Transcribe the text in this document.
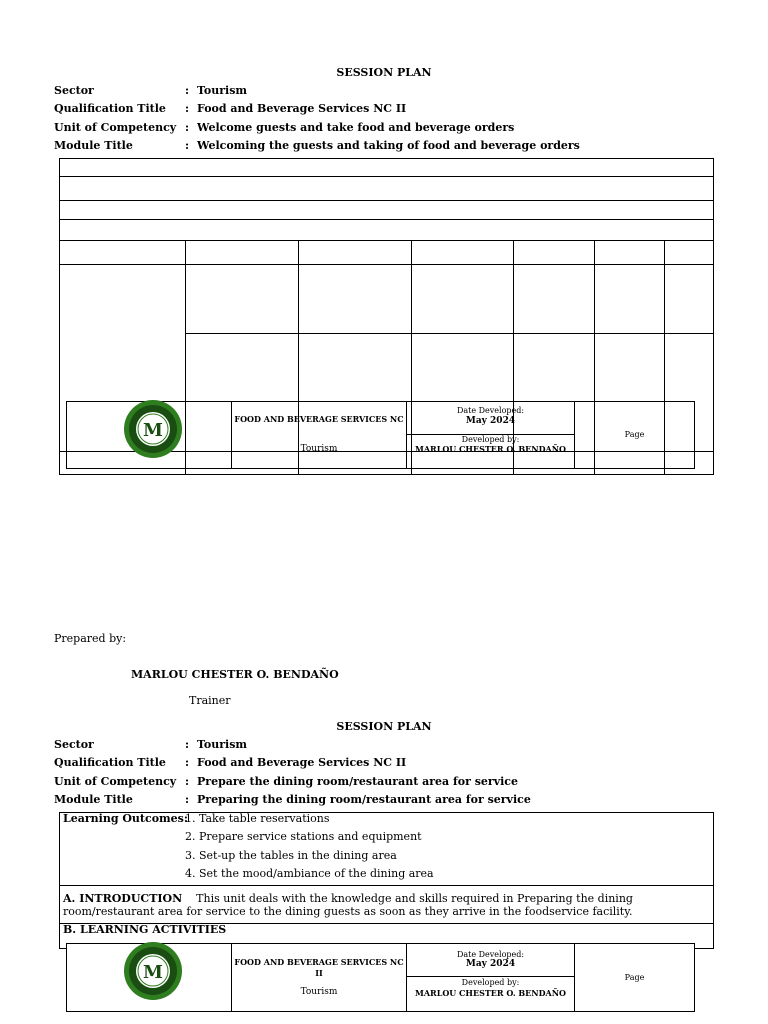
SESSION PLAN
Sector	: Tourism
Qualification Title : Food and Beverage Services NC II
Unit of Competency : Welcome guests and take food and beverage orders
Module Title	: Welcoming the guests and taking of food and beverage orders
M
FOOD AND BEVERAGE SERVICES NC
Tourism
Date Developed:
May 2024
Developed by:
MARLOU CHESTER O. BENDAÑO
Page
Prepared by:
MARLOU CHESTER O. BENDAÑO
Trainer
SESSION PLAN
Sector	: Tourism
Qualification Title : Food and Beverage Services NC II
Unit of Competency : Prepare the dining room/restaurant area for service
Module Title	: Preparing the dining room/restaurant area for service
Learning Outcomes:
1. Take table reservations
2. Prepare service stations and equipment
3. Set-up the tables in the dining area
4. Set the mood/ambiance of the dining area
A. INTRODUCTION This unit deals with the knowledge and skills required in Preparing the dining room/restaurant area for service to the dining guests as soon as they arrive in the foodservice facility.
B. LEARNING ACTIVITIES
M	FOOD AND BEVERAGE SERVICES NC
II
Tourism
Date Developed:
May 2024
Developed by:
MARLOU CHESTER O. BENDAÑO
Page
